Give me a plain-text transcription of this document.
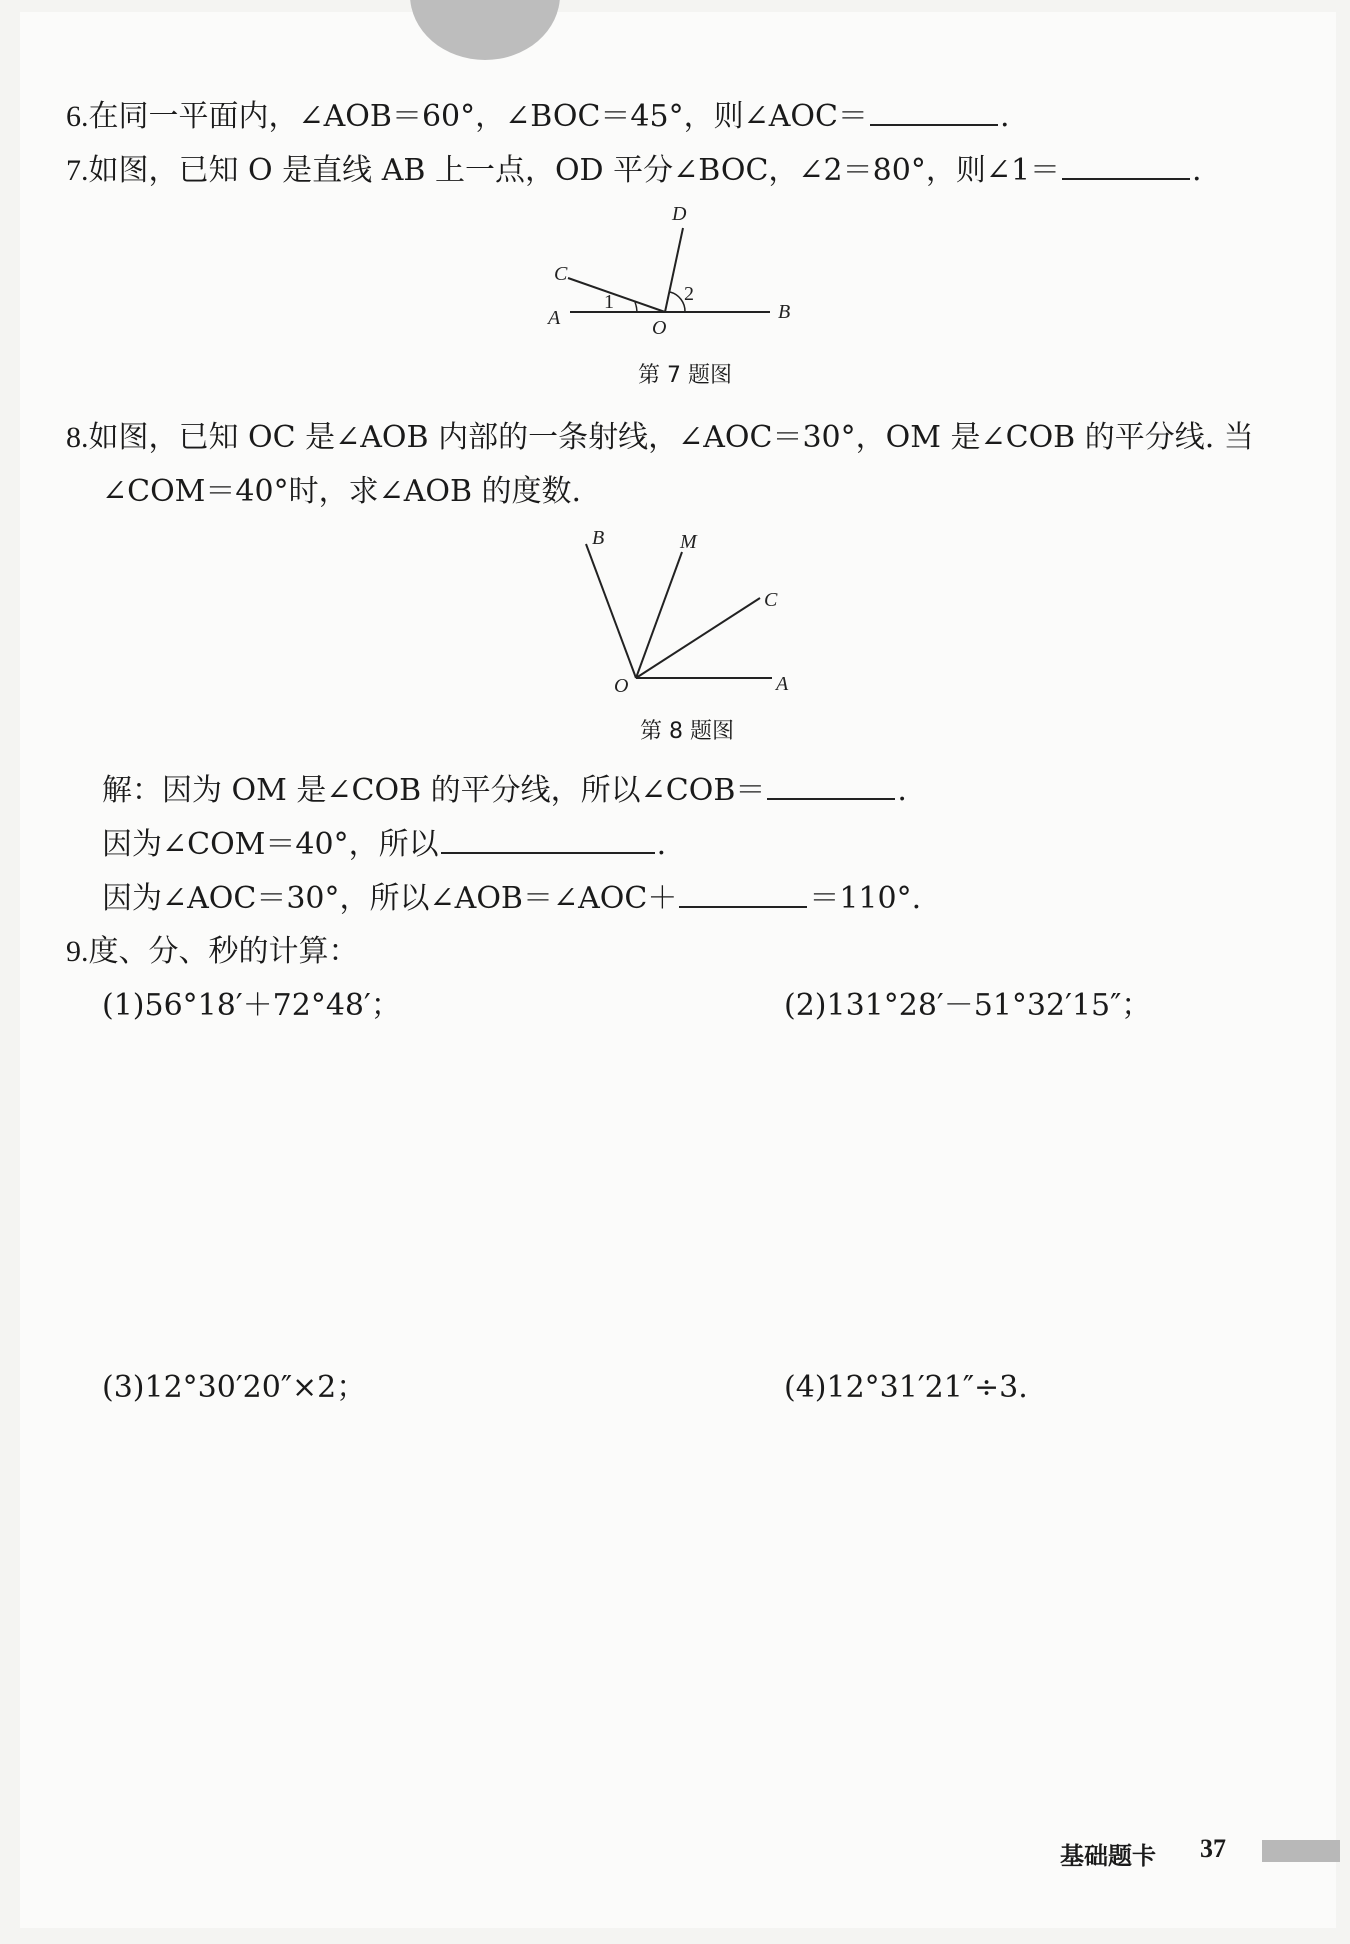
6.在同一平面内，∠AOB＝60°，∠BOC＝45°，则∠AOC＝	.
7.如图，已知 O 是直线 AB 上一点，OD 平分∠BOC，∠2＝80°，则∠1＝	.
A	B
C
D
O
1	2
第 7 题图
8.如图，已知 OC 是∠AOB 内部的一条射线，∠AOC＝30°，OM 是∠COB 的平分线. 当
∠COM＝40°时，求∠AOB 的度数.
A
B
C
M
O
第 8 题图
解：因为 OM 是∠COB 的平分线，所以∠COB＝	.
因为∠COM＝40°，所以	.
因为∠AOC＝30°，所以∠AOB＝∠AOC＋	＝110°.
9.度、分、秒的计算：
(1)56°18′＋72°48′；	(2)131°28′－51°32′15″；
(3)12°30′20″×2；	(4)12°31′21″÷3.
基础题卡 37
